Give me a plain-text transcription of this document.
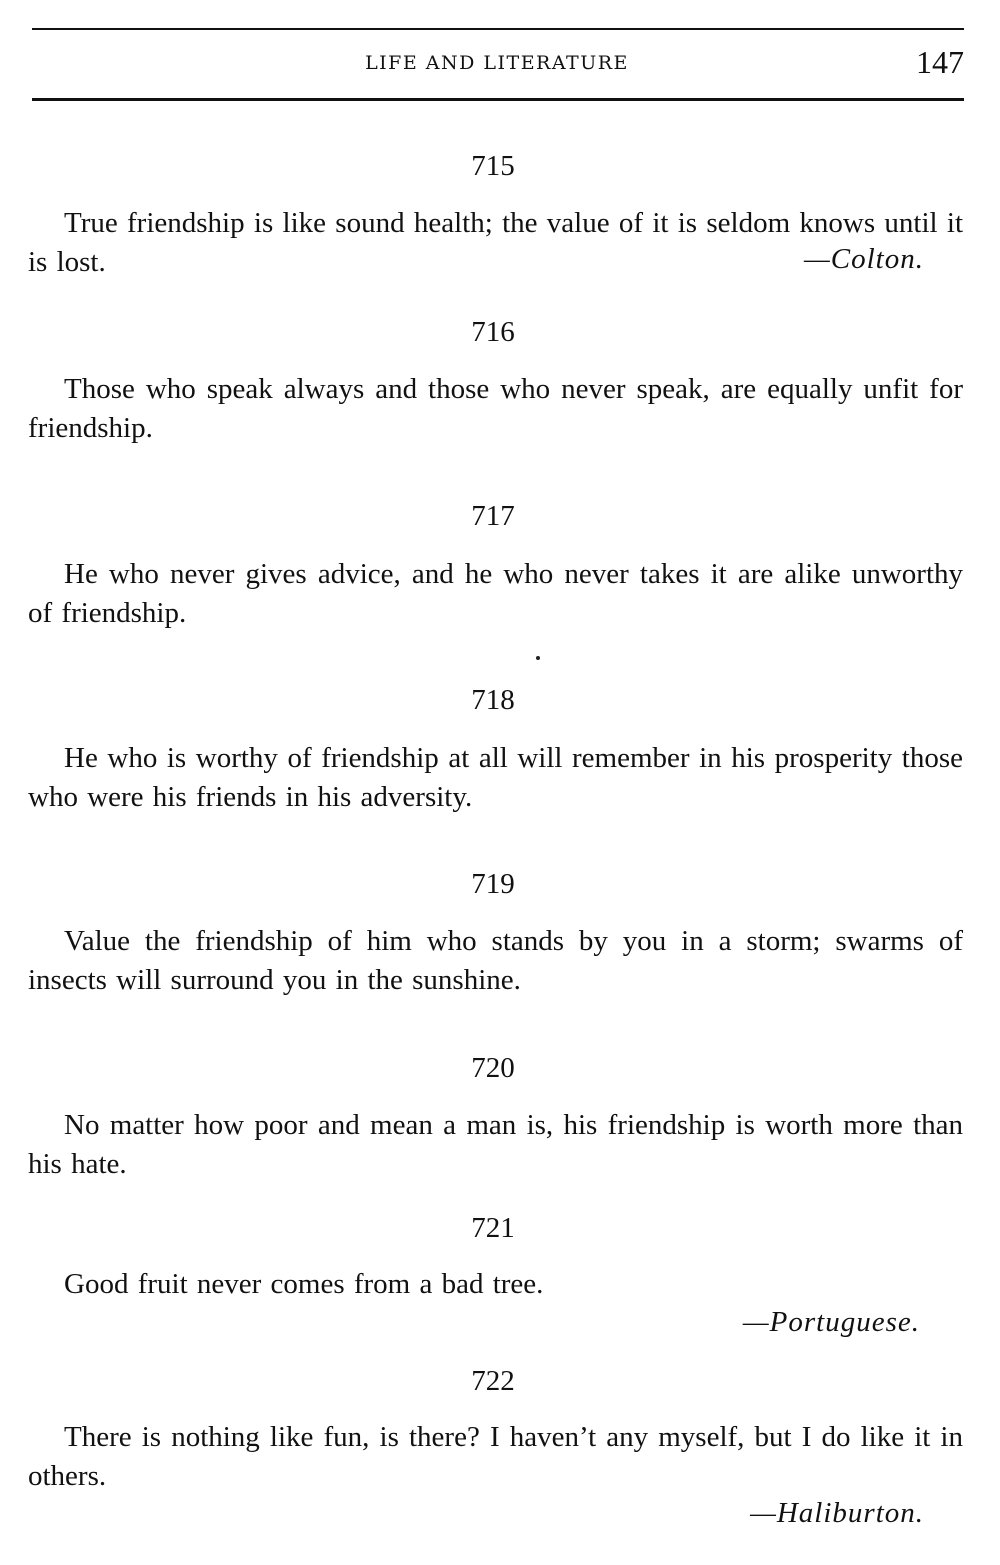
LIFE AND LITERATURE	147
715
True friendship is like sound health; the value of it is seldom knows until it is lost.	—Colton.
716
Those who speak always and those who never speak, are equally unfit for friendship.
717
He who never gives advice, and he who never takes it are alike unworthy of friendship.
718
He who is worthy of friendship at all will remember in his prosperity those who were his friends in his adversity.
719
Value the friendship of him who stands by you in a storm; swarms of insects will surround you in the sunshine.
720
No matter how poor and mean a man is, his friendship is worth more than his hate.
721
Good fruit never comes from a bad tree.
—Portuguese.
722
There is nothing like fun, is there? I haven’t any myself, but I do like it in others.
—Haliburton.
